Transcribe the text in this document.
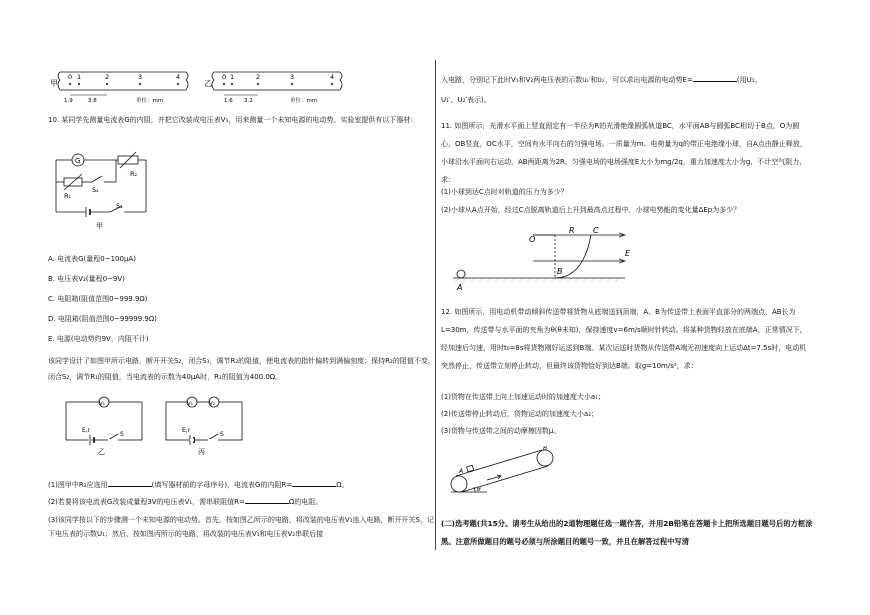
甲
0 1	2	3	4
1.9	3.8	单位：mm
乙
0 1	2	3	4
1.6 3.2	单位：mm
10. 某同学先测量电流表G的内阻，并把它改装成电压表V₁，用来测量一个未知电源的电动势。实验室提供有以下器材：
G
R₂
R₁
S₂
S₁
甲
A. 电流表G(量程0~100μA)
B. 电压表V₂(量程0~9V)
C. 电阻箱(阻值范围0~999.9Ω)
D. 电阻箱(阻值范围0~99999.9Ω)
E. 电源(电动势约9V，内阻不计)
该同学设计了如图甲所示电路，断开开关S₂，闭合S₁，调节R₂的阻值，使电流表的指针偏转到满偏刻度；保持R₂的阻值不变，闭合S₂，调节R₁的阻值，当电流表的示数为40μA时，R₁的阻值为400.0Ω。
V₁
E,r
S
乙
V₁	V₂
E,r
S
丙
(1)图甲中R₂应选用	(填写器材前的字母序号)，电流表G的内阻R=	Ω。
(2)若要将该电流表G改装成量程3V的电压表V₁，需串联阻值R=	Ω的电阻。
(3)该同学按以下的步骤测一个未知电源的电动势。首先，按如图乙所示的电路，将改装的电压表V₁连入电路，断开开关S，记下电压表的示数U₁；然后，按如图丙所示的电路，将改装的电压表V₁和电压表V₂串联后接
入电路，分别记下此时V₁和V₂两电压表的示数U₁′和U₂′，可以求出电源的电动势E=	(用U₁、
U₁′、U₂′表示)。
11. 如图所示，光滑水平面上竖直固定有一半径为R的光滑绝缘圆弧轨道BC，水平面AB与圆弧BC相切于B点，O为圆心，OB竖直，OC水平，空间有水平向右的匀强电场。一质量为m、电荷量为q的带正电绝缘小球，自A点由静止释放，小球沿水平面向右运动，AB两距离为2R，匀强电场的电场强度E大小为mg/2q，重力加速度大小为g，不计空气阻力，求：
(1)小球到达C点时对轨道的压力为多少？
(2)小球从A点开始，经过C点脱离轨道后上升到最高点过程中，小球电势能的变化量ΔEp为多少？
O
R C
E
B
A
12. 如图所示，用电动机带动倾斜传送带将货物从底端送到顶端，A、B为传送带上表面平直部分的两端点，AB长为L=30m，传送带与水平面的夹角为θ(θ未知)，保持速度v=6m/s顺时针转动。将某种货物轻放在底端A，正常情况下，经加速后匀速，用时t₀=8s将货物刚好运送到B端。某次运送时货物从传送带A端无初速度向上运动Δt=7.5s时，电动机突然停止，传送带立刻停止转动，但最终该货物恰好到达B端。取g=10m/s²，求：
(1)货物在传送带上向上加速运动时的加速度大小a₁；
(2)传送带停止转动后，货物运动的加速度大小a₂；
(3)货物与传送带之间的动摩擦因数μ。
A
B
θ
(二)选考题(共15分。请考生从给出的2道物理题任选一题作答，并用2B铅笔在答题卡上把所选题目题号后的方框涂黑。注意所做题目的题号必须与所涂题目的题号一致，并且在解答过程中写清
